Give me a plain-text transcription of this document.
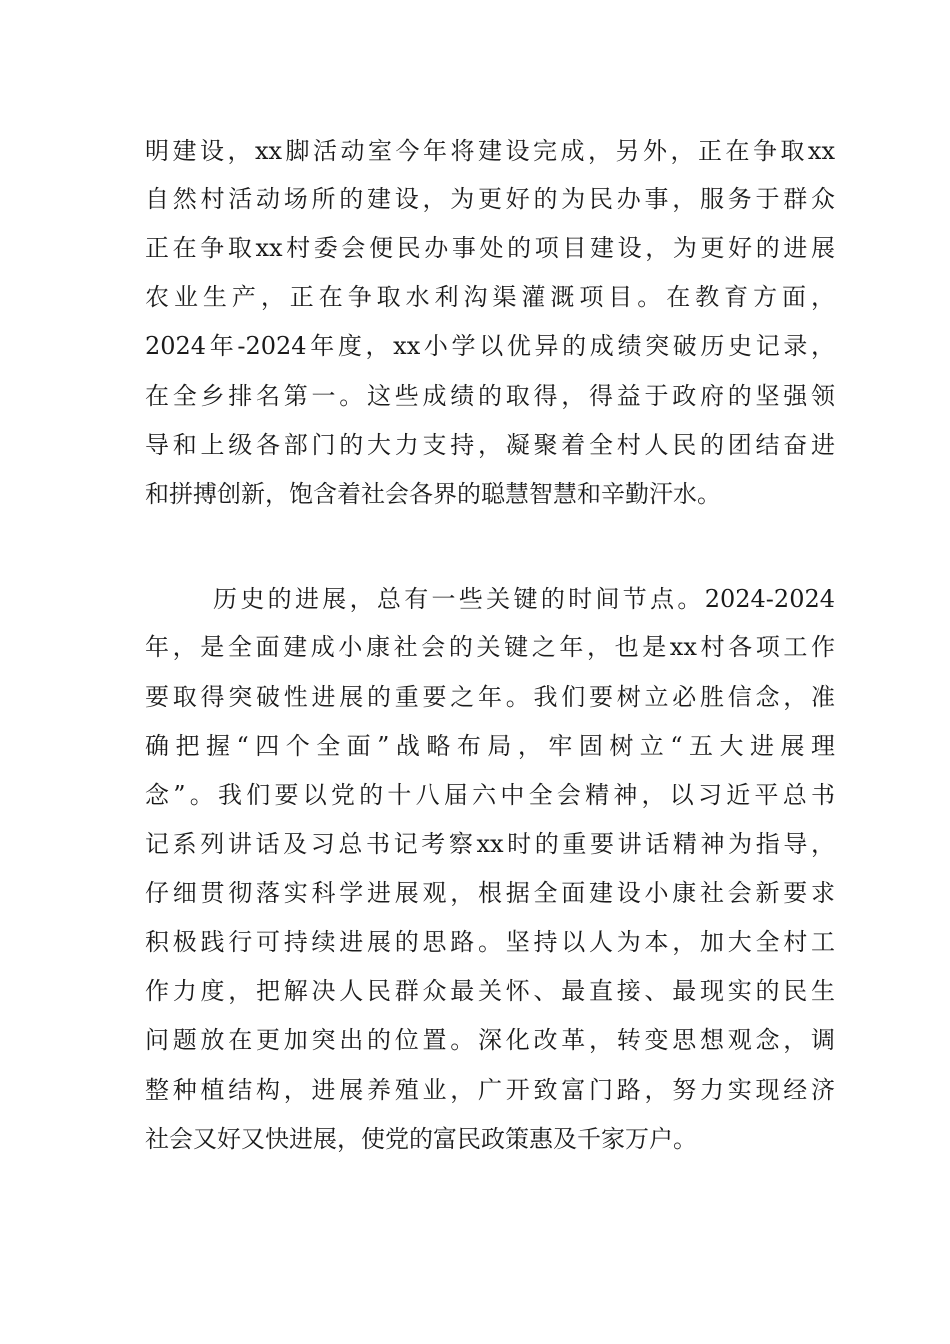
明建设，xx脚活动室今年将建设完成，另外，正在争取xx
自然村活动场所的建设，为更好的为民办事，服务于群众
正在争取xx村委会便民办事处的项目建设，为更好的进展
农业生产，正在争取水利沟渠灌溉项目。在教育方面，
2024年-2024年度，xx小学以优异的成绩突破历史记录，
在全乡排名第一。这些成绩的取得，得益于政府的坚强领
导和上级各部门的大力支持，凝聚着全村人民的团结奋进
和拼搏创新，饱含着社会各界的聪慧智慧和辛勤汗水。
历史的进展，总有一些关键的时间节点。2024-2024
年，是全面建成小康社会的关键之年，也是xx村各项工作
要取得突破性进展的重要之年。我们要树立必胜信念，准
确把握“四个全面”战略布局，牢固树立“五大进展理
念”。我们要以党的十八届六中全会精神，以习近平总书
记系列讲话及习总书记考察xx时的重要讲话精神为指导，
仔细贯彻落实科学进展观，根据全面建设小康社会新要求
积极践行可持续进展的思路。坚持以人为本，加大全村工
作力度，把解决人民群众最关怀、最直接、最现实的民生
问题放在更加突出的位置。深化改革，转变思想观念，调
整种植结构，进展养殖业，广开致富门路，努力实现经济
社会又好又快进展，使党的富民政策惠及千家万户。
